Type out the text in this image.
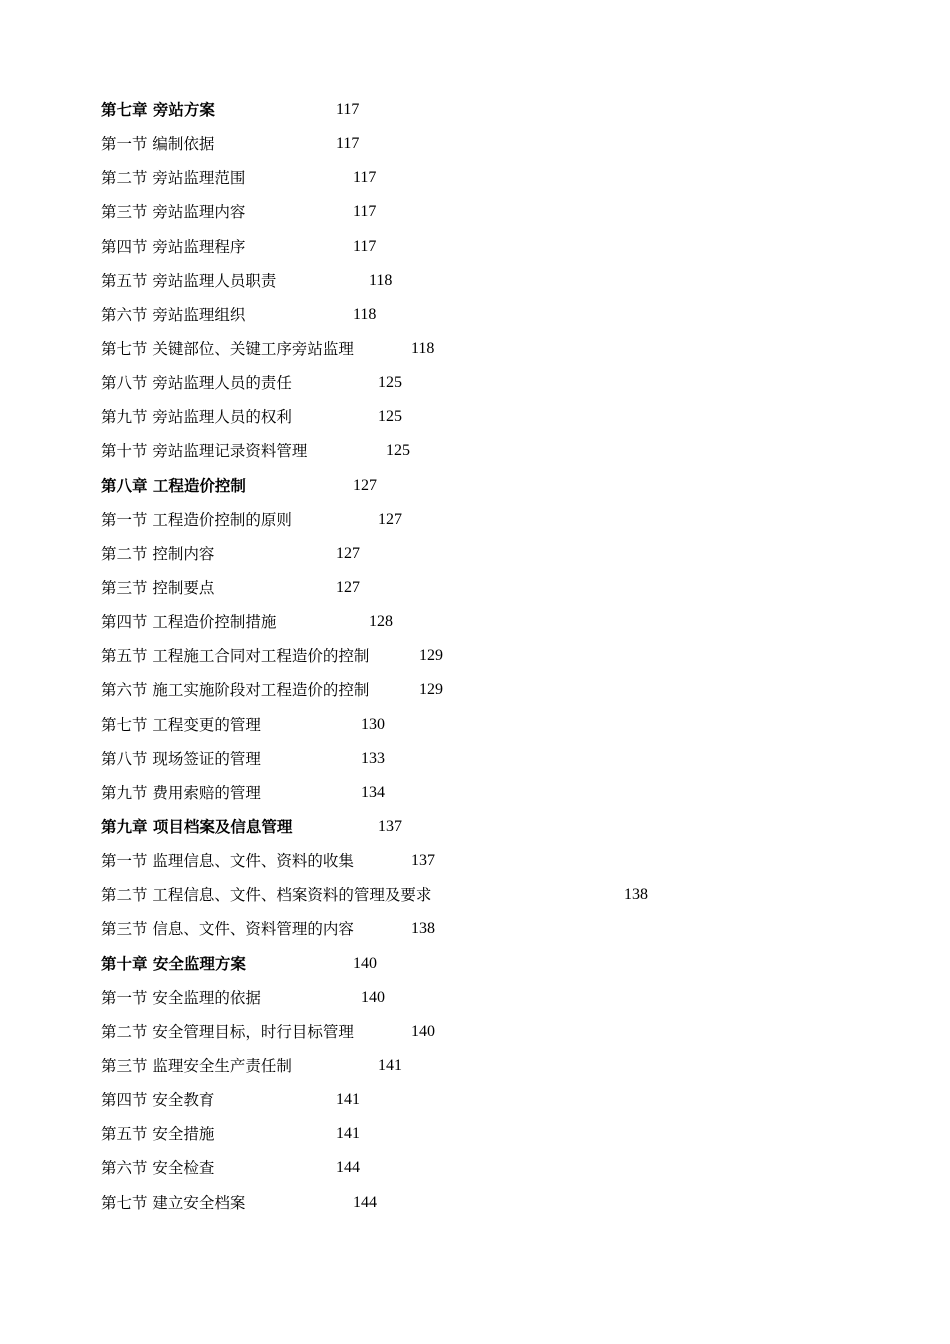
第七章 旁站方案	117
第一节 编制依据	117
第二节 旁站监理范围	117
第三节 旁站监理内容	117
第四节 旁站监理程序	117
第五节 旁站监理人员职责	118
第六节 旁站监理组织	118
第七节 关键部位、关键工序旁站监理	118
第八节 旁站监理人员的责任	125
第九节 旁站监理人员的权利	125
第十节 旁站监理记录资料管理	125
第八章 工程造价控制	127
第一节 工程造价控制的原则	127
第二节 控制内容	127
第三节 控制要点	127
第四节 工程造价控制措施	128
第五节 工程施工合同对工程造价的控制	129
第六节 施工实施阶段对工程造价的控制	129
第七节 工程变更的管理	130
第八节 现场签证的管理	133
第九节 费用索赔的管理	134
第九章 项目档案及信息管理	137
第一节 监理信息、文件、资料的收集	137
第二节 工程信息、文件、档案资料的管理及要求	138
第三节 信息、文件、资料管理的内容	138
第十章 安全监理方案	140
第一节 安全监理的依据	140
第二节 安全管理目标，时行目标管理	140
第三节 监理安全生产责任制	141
第四节 安全教育	141
第五节 安全措施	141
第六节 安全检查	144
第七节 建立安全档案	144
